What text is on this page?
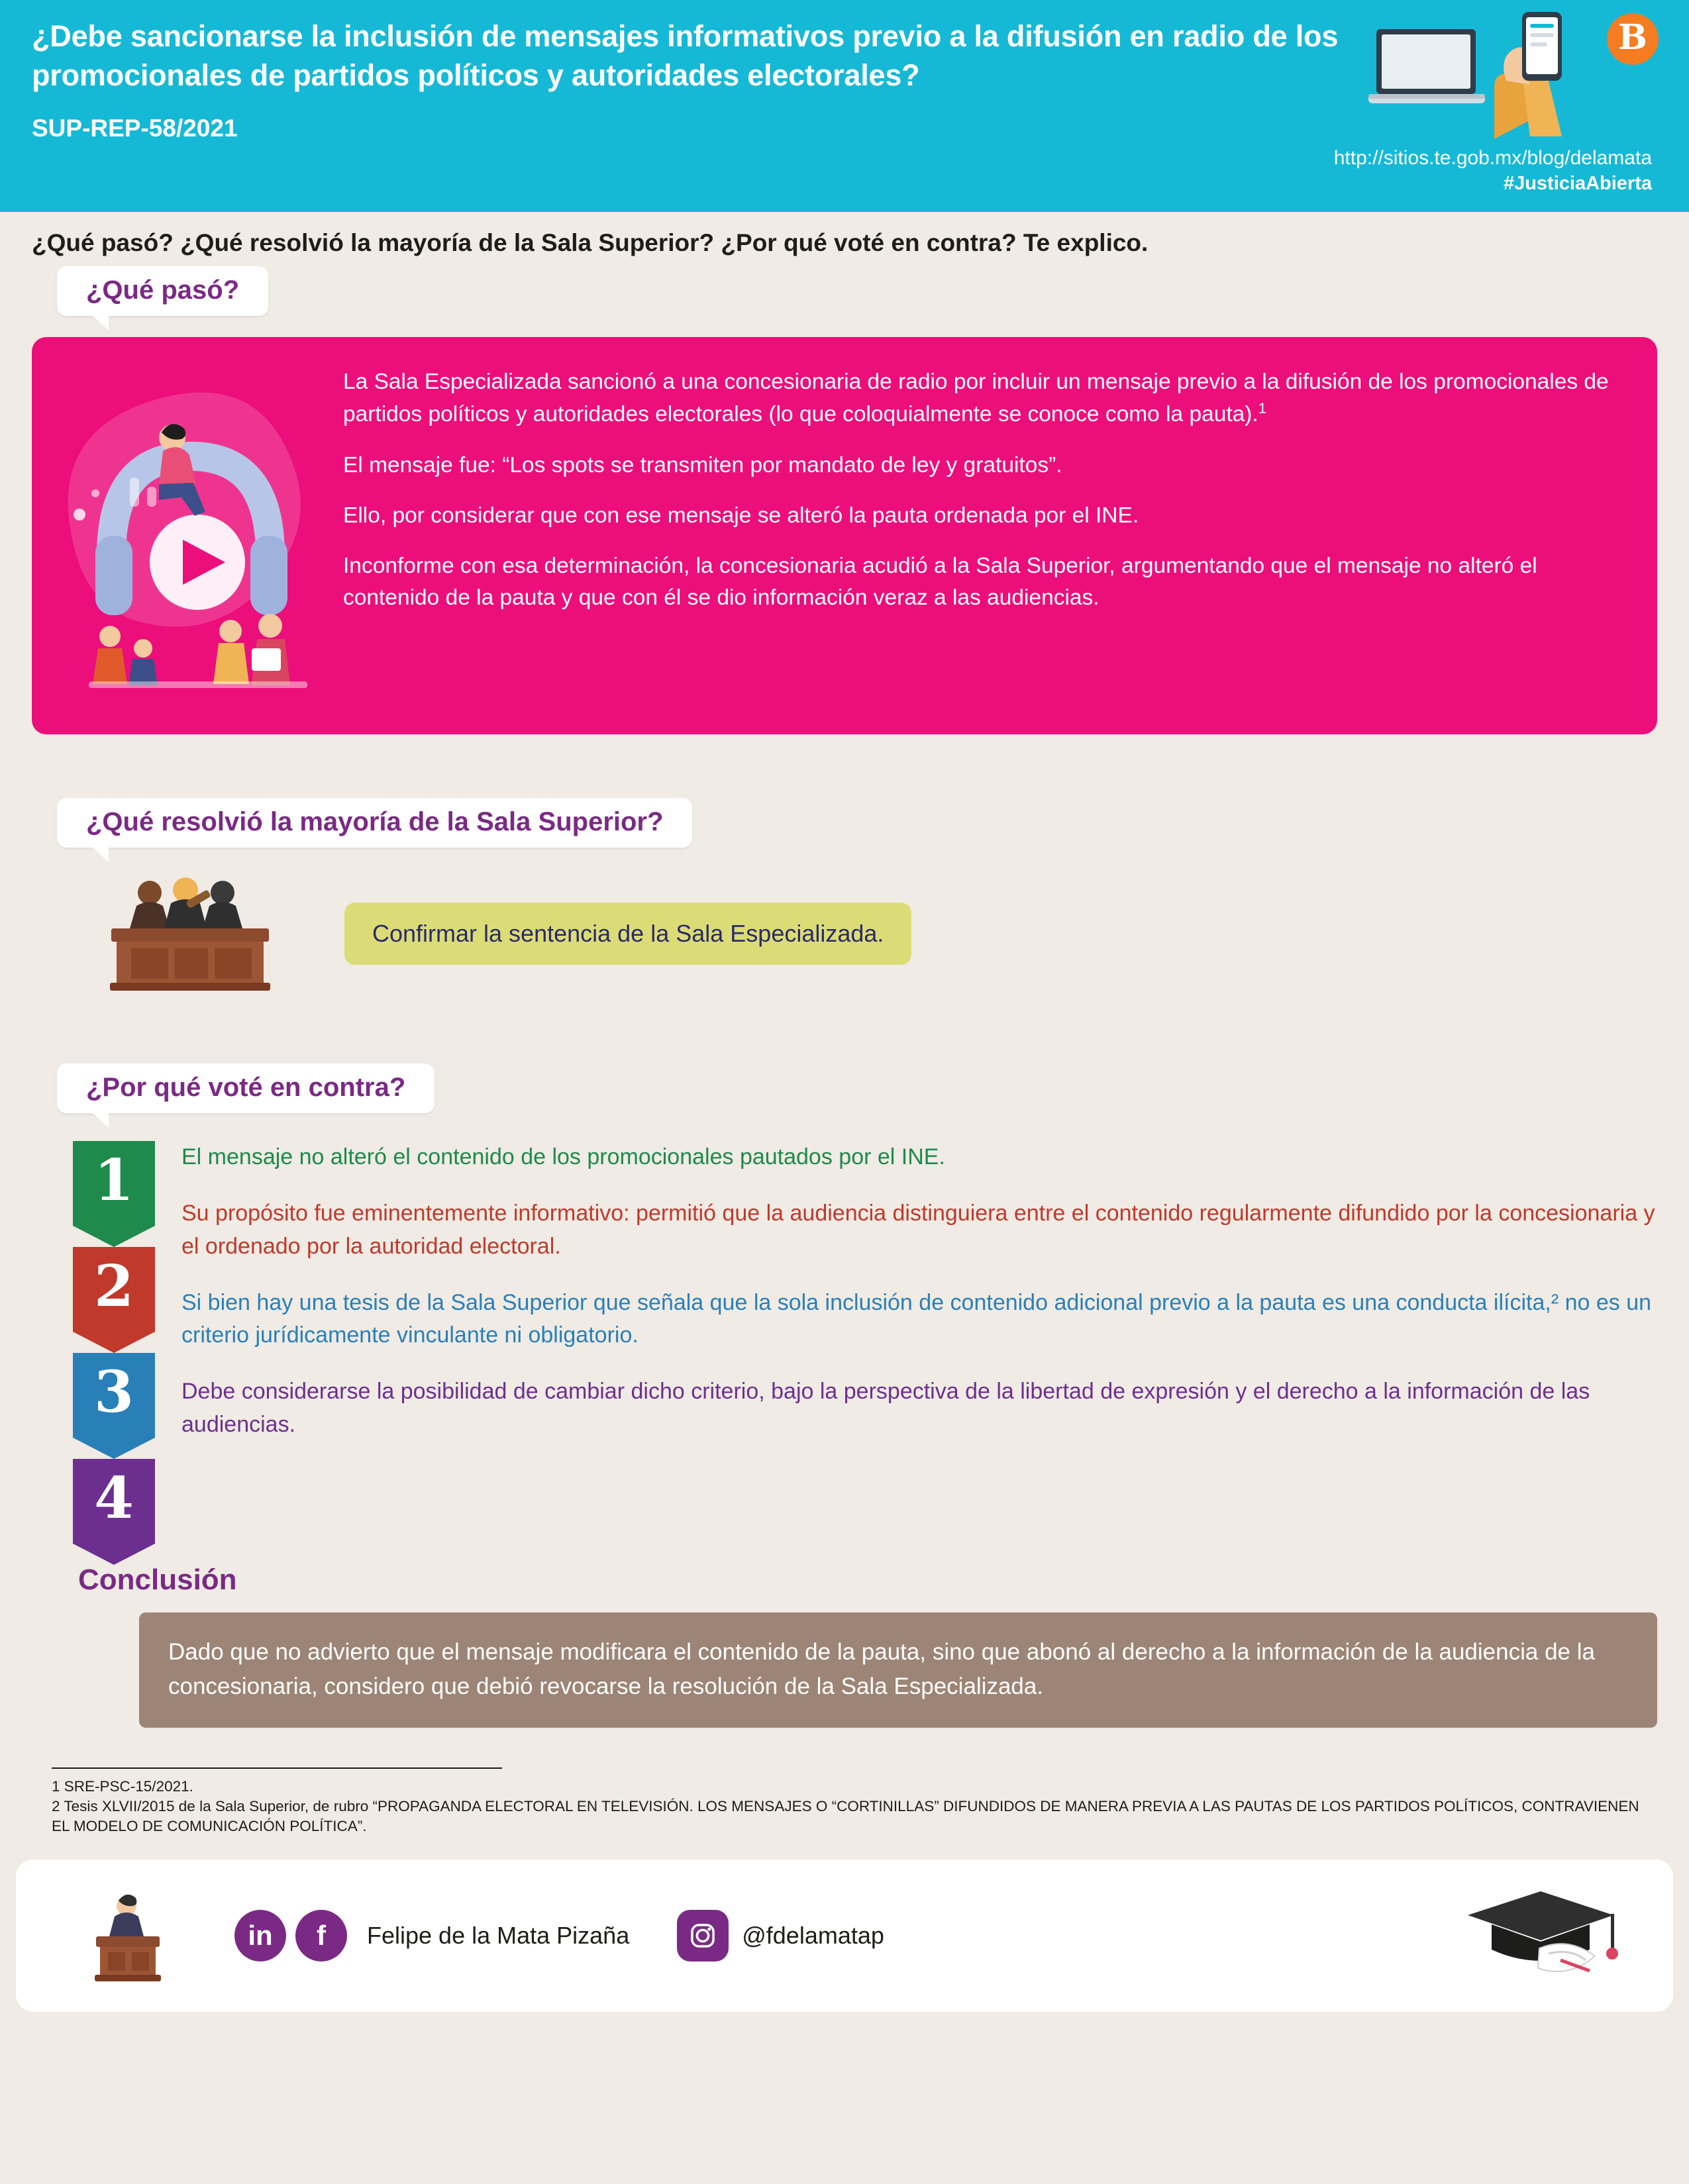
¿Debe sancionarse la inclusión de mensajes informativos previo a la difusión en radio de los promocionales de partidos políticos y autoridades electorales?
SUP-REP-58/2021
B
http://sitios.te.gob.mx/blog/delamata
#JusticiaAbierta
¿Qué pasó? ¿Qué resolvió la mayoría de la Sala Superior? ¿Por qué voté en contra? Te explico.
¿Qué pasó?

La Sala Especializada sancionó a una concesionaria de radio por incluir un mensaje previo a la difusión de los promocionales de partidos políticos y autoridades electorales (lo que coloquialmente se conoce como la pauta).$^1$

El mensaje fue: “Los spots se transmiten por mandato de ley y gratuitos”.

Ello, por considerar que con ese mensaje se alteró la pauta ordenada por el INE.

Inconforme con esa determinación, la concesionaria acudió a la Sala Superior, argumentando que el mensaje no alteró el contenido de la pauta y que con él se dio información veraz a las audiencias.

¿Qué resolvió la mayoría de la Sala Superior?
Confirmar la sentencia de la Sala Especializada.
¿Por qué voté en contra?
1
2
3
4

El mensaje no alteró el contenido de los promocionales pautados por el INE.

Su propósito fue eminentemente informativo: permitió que la audiencia distinguiera entre el contenido regularmente difundido por la concesionaria y el ordenado por la autoridad electoral.

Si bien hay una tesis de la Sala Superior que señala que la sola inclusión de contenido adicional previo a la pauta es una conducta ilícita,² no es un criterio jurídicamente vinculante ni obligatorio.

Debe considerarse la posibilidad de cambiar dicho criterio, bajo la perspectiva de la libertad de expresión y el derecho a la información de las audiencias.

Conclusión
Dado que no advierto que el mensaje modificara el contenido de la pauta, sino que abonó al derecho a la información de la audiencia de la concesionaria, considero que debió revocarse la resolución de la Sala Especializada.
1 SRE-PSC-15/2021.
2 Tesis XLVII/2015 de la Sala Superior, de rubro “PROPAGANDA ELECTORAL EN TELEVISIÓN. LOS MENSAJES O “CORTINILLAS” DIFUNDIDOS DE MANERA PREVIA A LAS PAUTAS DE LOS PARTIDOS POLÍTICOS, CONTRAVIENEN EL MODELO DE COMUNICACIÓN POLÍTICA”.
in f Felipe de la Mata Pizaña	@fdelamatap
